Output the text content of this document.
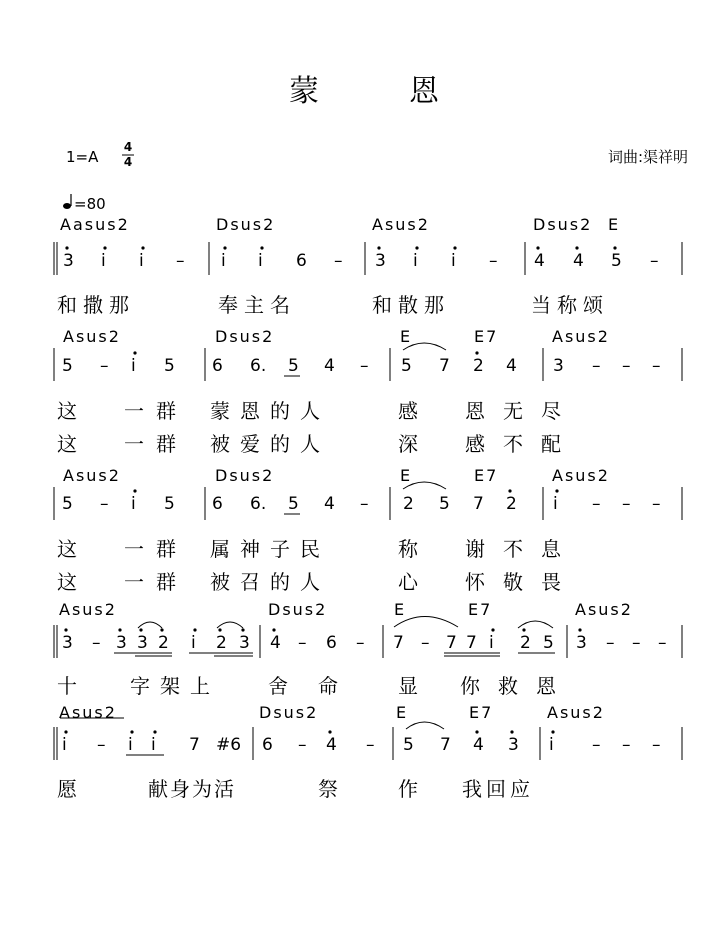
蒙　　　恩
1=A
4
4	词曲:渠祥明
=80
Aasus2	Dsus2	Asus2	Dsus2 E
3 i i – i i 6 – 3 i i – 4 4 5 –
和撒那	奉主名	和散那	当称颂
Asus2	Dsus2	E	E7	Asus2
5 – i 5 6 6. 5 4 – 5 7 2 4 3 – – –
这 一群 蒙恩的人	感 恩无尽
这 一群 被爱的人	深 感不配
Asus2	Dsus2	E	E7	Asus2
5 – i 5 6 6. 5 4 – 2 5 7 2 i – – –
这 一群 属神子民	称 谢不息
这 一群 被召的人	心 怀敬畏
Asus2	Dsus2	E	E7	Asus2
3 – 3 3 2 i 2 3 4 – 6 – 7 – 7 7 i 2 5 3 – – –
十	字架上 舍命 显 你救恩
Asus2	Dsus2	E	E7	Asus2
i – i i 7 #6 6 – 4 – 5 7 4 3 i – – –
愿	献身为活	祭	作 我回应
